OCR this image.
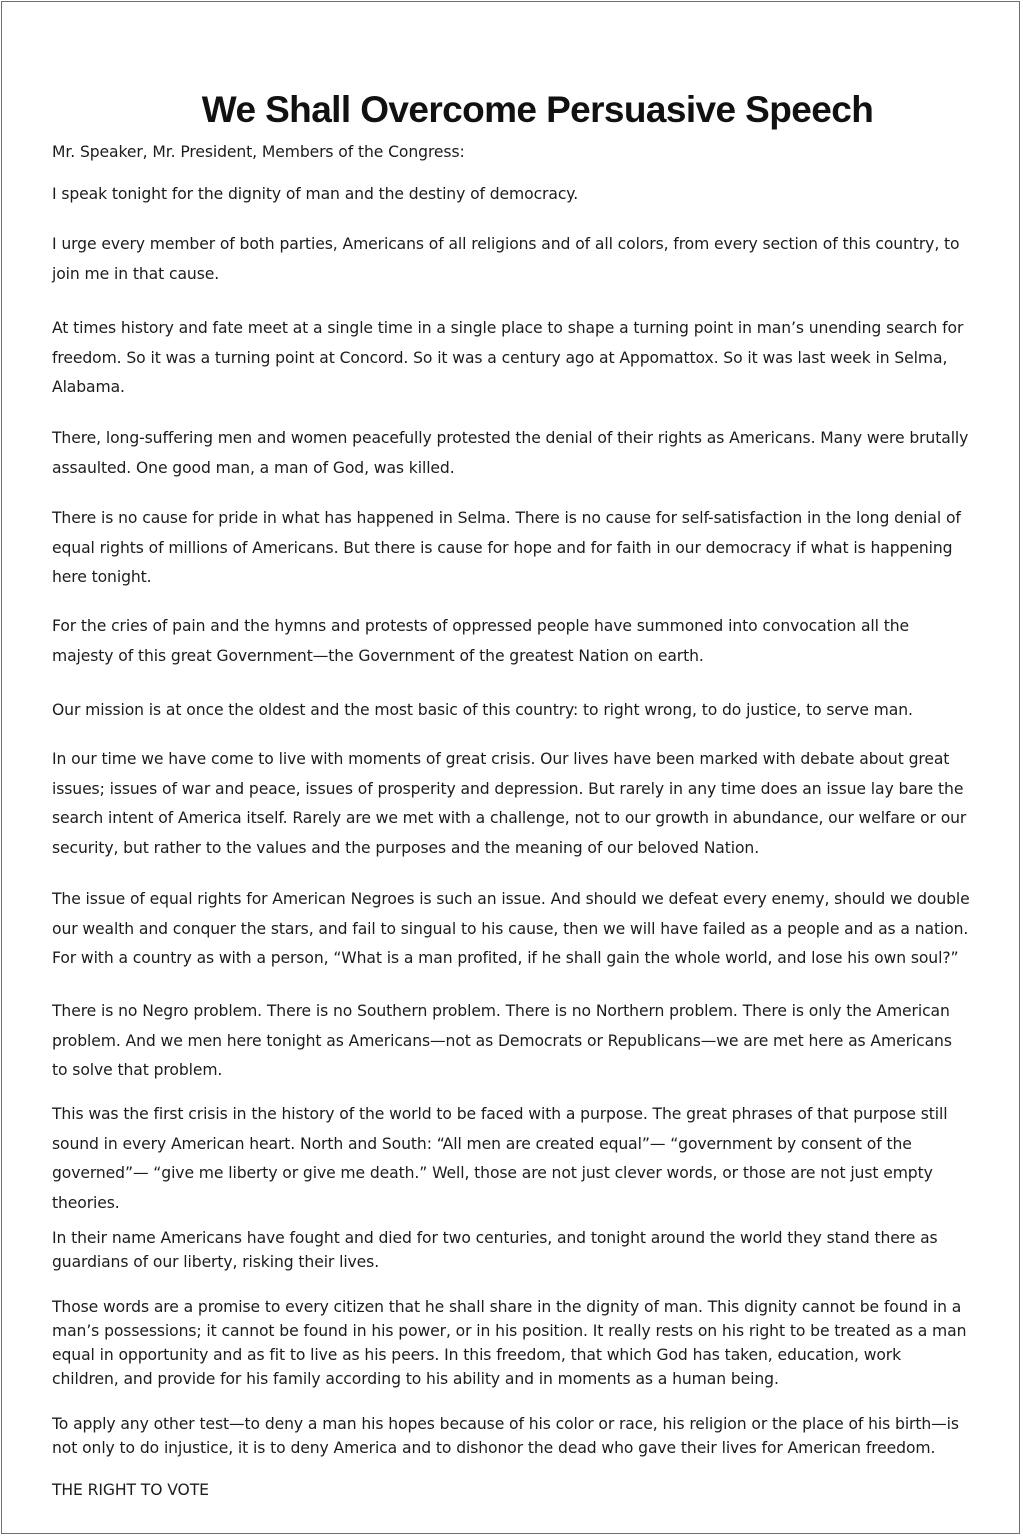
We Shall Overcome Persuasive Speech

Mr. Speaker, Mr. President, Members of the Congress:

I speak tonight for the dignity of man and the destiny of democracy.

I urge every member of both parties, Americans of all religions and of all colors, from every section of this country, to join me in that cause.

At times history and fate meet at a single time in a single place to shape a turning point in man’s unending search for freedom. So it was a turning point at Concord. So it was a century ago at Appomattox. So it was last week in Selma, Alabama.

There, long-suffering men and women peacefully protested the denial of their rights as Americans. Many were brutally assaulted. One good man, a man of God, was killed.

There is no cause for pride in what has happened in Selma. There is no cause for self-satisfaction in the long denial of equal rights of millions of Americans. But there is cause for hope and for faith in our democracy if what is happening here tonight.

For the cries of pain and the hymns and protests of oppressed people have summoned into convocation all the majesty of this great Government—the Government of the greatest Nation on earth.

Our mission is at once the oldest and the most basic of this country: to right wrong, to do justice, to serve man.

In our time we have come to live with moments of great crisis. Our lives have been marked with debate about great issues; issues of war and peace, issues of prosperity and depression. But rarely in any time does an issue lay bare the search intent of America itself. Rarely are we met with a challenge, not to our growth in abundance, our welfare or our security, but rather to the values and the purposes and the meaning of our beloved Nation.

The issue of equal rights for American Negroes is such an issue. And should we defeat every enemy, should we double our wealth and conquer the stars, and fail to singual to his cause, then we will have failed as a people and as a nation. For with a country as with a person, “What is a man profited, if he shall gain the whole world, and lose his own soul?”

There is no Negro problem. There is no Southern problem. There is no Northern problem. There is only the American problem. And we men here tonight as Americans—not as Democrats or Republicans—we are met here as Americans to solve that problem.

This was the first crisis in the history of the world to be faced with a purpose. The great phrases of that purpose still sound in every American heart. North and South: “All men are created equal”— “government by consent of the governed”— “give me liberty or give me death.” Well, those are not just clever words, or those are not just empty theories.

In their name Americans have fought and died for two centuries, and tonight around the world they stand there as guardians of our liberty, risking their lives.

Those words are a promise to every citizen that he shall share in the dignity of man. This dignity cannot be found in a man’s possessions; it cannot be found in his power, or in his position. It really rests on his right to be treated as a man equal in opportunity and as fit to live as his peers. In this freedom, that which God has taken, education, work children, and provide for his family according to his ability and in moments as a human being.

To apply any other test—to deny a man his hopes because of his color or race, his religion or the place of his birth—is not only to do injustice, it is to deny America and to dishonor the dead who gave their lives for American freedom.

THE RIGHT TO VOTE
